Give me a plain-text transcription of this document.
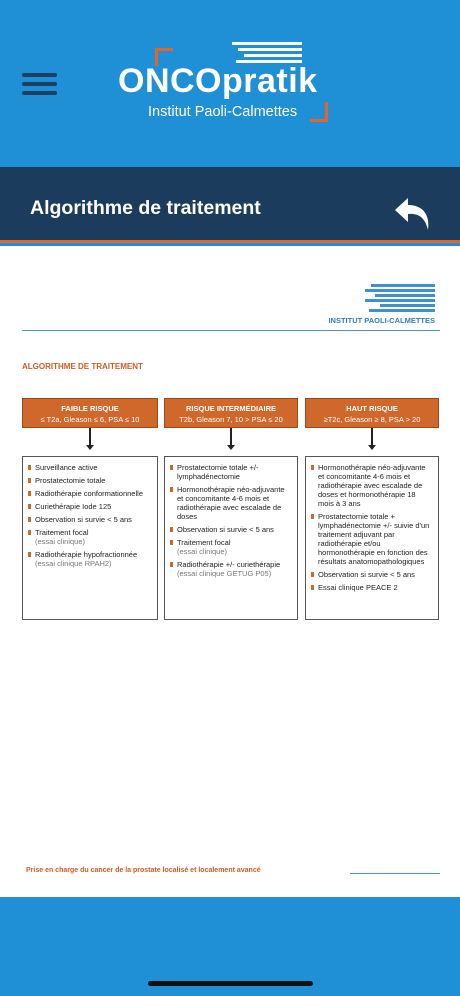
ONCOpratik
Institut Paoli-Calmettes
Algorithme de traitement
INSTITUT PAOLI-CALMETTES
ALGORITHME DE TRAITEMENT
FAIBLE RISQUE
≤ T2a, Gleason ≤ 6, PSA ≤ 10
Surveillance active
Prostatectomie totale
Radiothérapie conformationnelle
Curiethérapie Iode 125
Observation si survie < 5 ans
Traitement focal
(essai clinique)
Radiothérapie hypofractionnée
(essai clinique RPAH2)
RISQUE INTERMÉDIAIRE
T2b, Gleason 7, 10 > PSA ≤ 20
Prostatectomie totale +/- lymphadénectomie
Hormonothérapie néo-adjuvante et concomitante 4-6 mois et radiothérapie avec escalade de doses
Observation si survie < 5 ans
Traitement focal
(essai clinique)
Radiothérapie +/- curiethérapie
(essai clinique GETUG P05)
HAUT RISQUE
≥T2c, Gleason ≥ 8, PSA > 20
Hormonothérapie néo-adjuvante et concomitante 4-6 mois et radiothérapie avec escalade de doses et hormonothérapie 18 mois à 3 ans
Prostatectomie totale + lymphadénectomie +/- suivie d'un traitement adjuvant par radiothérapie et/ou hormonothérapie en fonction des résultats anatomopathologiques
Observation si survie < 5 ans
Essai clinique PEACE 2
Prise en charge du cancer de la prostate localisé et localement avancé
